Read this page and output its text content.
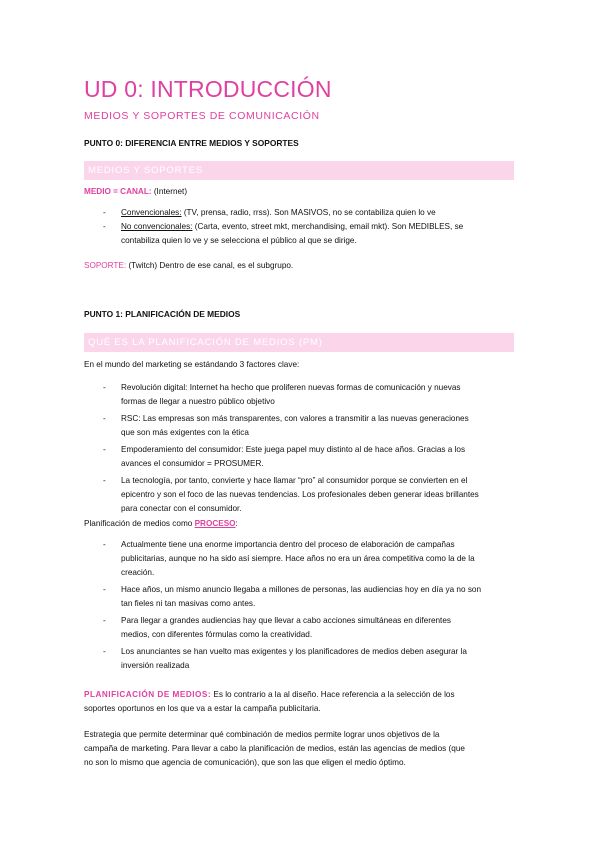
UD 0: INTRODUCCIÓN
MEDIOS Y SOPORTES DE COMUNICACIÓN
PUNTO 0: DIFERENCIA ENTRE MEDIOS Y SOPORTES
MEDIOS Y SOPORTES
MEDIO = CANAL: (Internet)
- Convencionales: (TV, prensa, radio, rrss). Son MASIVOS, no se contabiliza quien lo ve
- No convencionales: (Carta, evento, street mkt, merchandising, email mkt). Son MEDIBLES, se
contabiliza quien lo ve y se selecciona el público al que se dirige.
SOPORTE: (Twitch) Dentro de ese canal, es el subgrupo.
PUNTO 1: PLANIFICACIÓN DE MEDIOS
QUÉ ES LA PLANIFICACIÓN DE MEDIOS (PM)
En el mundo del marketing se estándando 3 factores clave:
- Revolución digital: Internet ha hecho que proliferen nuevas formas de comunicación y nuevas
formas de llegar a nuestro público objetivo
- RSC: Las empresas son más transparentes, con valores a transmitir a las nuevas generaciones
que son más exigentes con la ética
- Empoderamiento del consumidor: Este juega papel muy distinto al de hace años. Gracias a los
avances el consumidor = PROSUMER.
- La tecnología, por tanto, convierte y hace llamar “pro” al consumidor porque se convierten en el
epicentro y son el foco de las nuevas tendencias. Los profesionales deben generar ideas brillantes
para conectar con el consumidor.
Planificación de medios como PROCESO:
- Actualmente tiene una enorme importancia dentro del proceso de elaboración de campañas
publicitarias, aunque no ha sido así siempre. Hace años no era un área competitiva como la de la
creación.
- Hace años, un mismo anuncio llegaba a millones de personas, las audiencias hoy en día ya no son
tan fieles ni tan masivas como antes.
- Para llegar a grandes audiencias hay que llevar a cabo acciones simultáneas en diferentes
medios, con diferentes fórmulas como la creatividad.
- Los anunciantes se han vuelto mas exigentes y los planificadores de medios deben asegurar la
inversión realizada
PLANIFICACIÓN DE MEDIOS: Es lo contrario a la al diseño. Hace referencia a la selección de los
soportes oportunos en los que va a estar la campaña publicitaria.
Estrategia que permite determinar qué combinación de medios permite lograr unos objetivos de la
campaña de marketing. Para llevar a cabo la planificación de medios, están las agencias de medios (que
no son lo mismo que agencia de comunicación), que son las que eligen el medio óptimo.
